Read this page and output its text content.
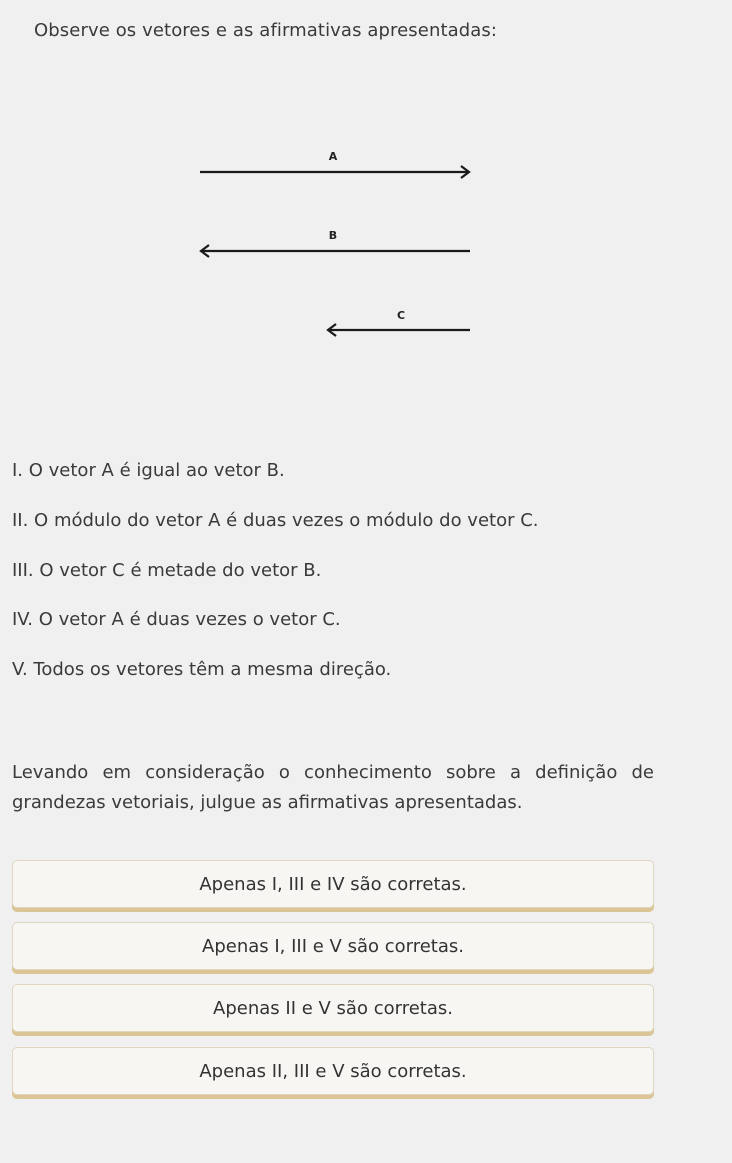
Observe os vetores e as afirmativas apresentadas:
A
B
C
I. O vetor A é igual ao vetor B.
II. O módulo do vetor A é duas vezes o módulo do vetor C.
III. O vetor C é metade do vetor B.
IV. O vetor A é duas vezes o vetor C.
V. Todos os vetores têm a mesma direção.
Levando em consideração o conhecimento sobre a definição de grandezas vetoriais, julgue as afirmativas apresentadas.
Apenas I, III e IV são corretas.
Apenas I, III e V são corretas.
Apenas II e V são corretas.
Apenas II, III e V são corretas.
